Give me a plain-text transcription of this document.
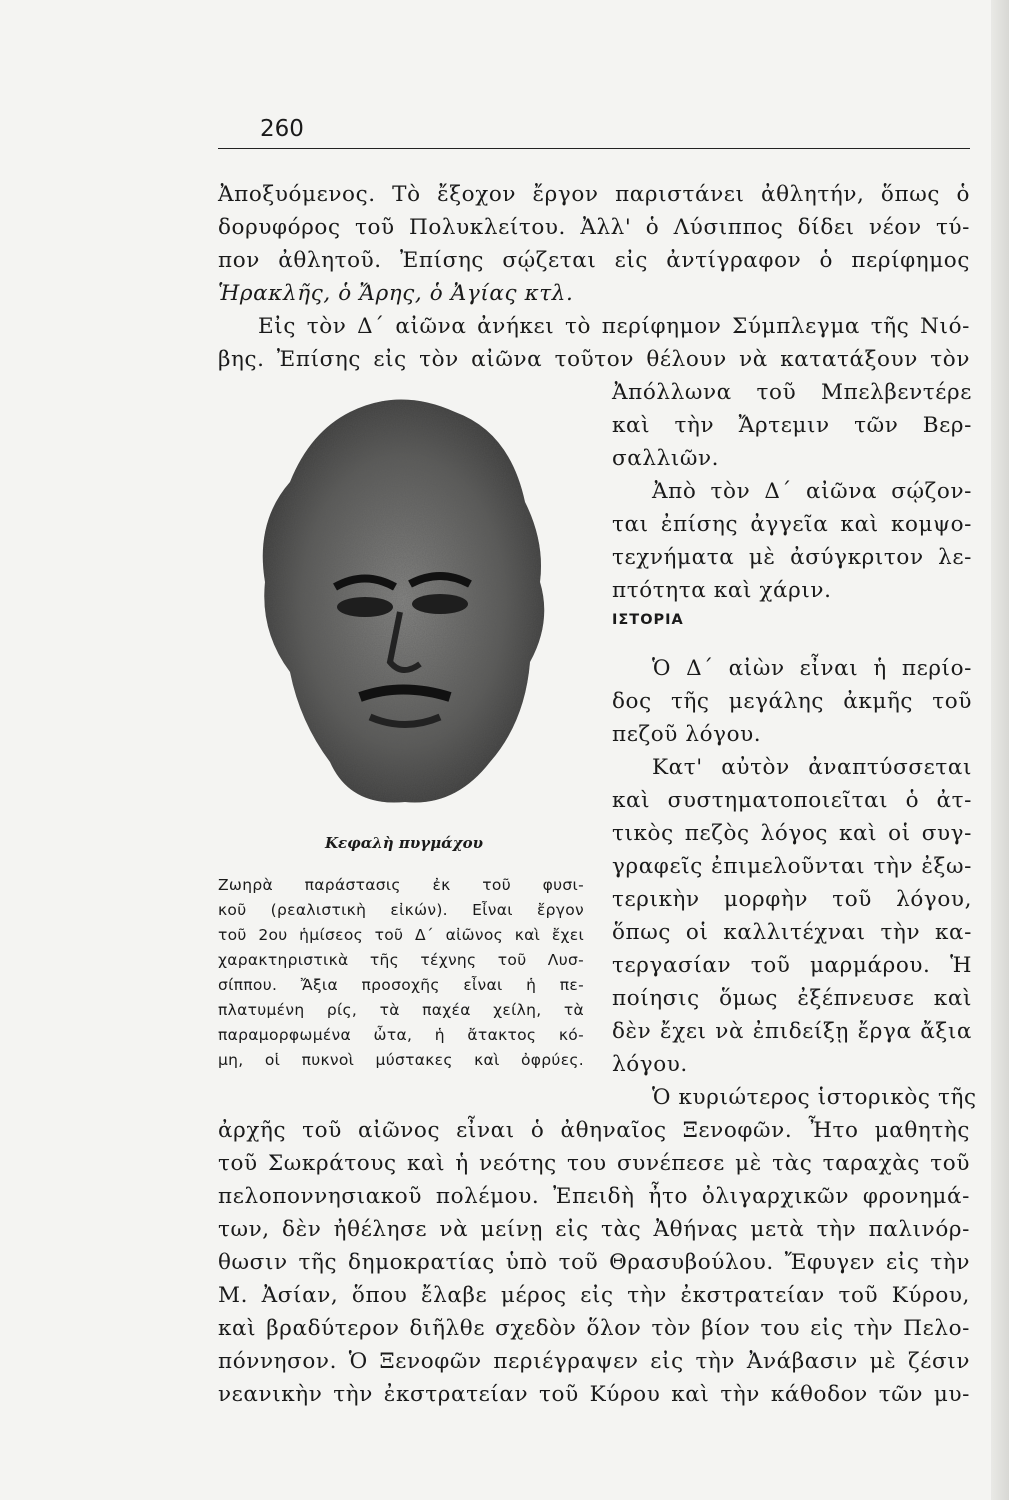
260
Ἀποξυόμενος. Τὸ ἔξοχον ἔργον παριστάνει ἀθλητήν, ὅπως ὁ
δορυφόρος τοῦ Πολυκλείτου. Ἀλλ' ὁ Λύσιππος δίδει νέον τύ-
πον ἀθλητοῦ. Ἐπίσης σῴζεται εἰς ἀντίγραφον ὁ περίφημος
Ἡρακλῆς, ὁ Ἄρης, ὁ Ἀγίας κτλ.
Εἰς τὸν Δ΄ αἰῶνα ἀνήκει τὸ περίφημον Σύμπλεγμα τῆς Νιό-
βης. Ἐπίσης εἰς τὸν αἰῶνα τοῦτον θέλουν νὰ κατατάξουν τὸν
Ἀπόλλωνα τοῦ Μπελβεντέρε
καὶ τὴν Ἄρτεμιν τῶν Βερ-
σαλλιῶν.
Ἀπὸ τὸν Δ΄ αἰῶνα σῴζον-
ται ἐπίσης ἀγγεῖα καὶ κομψο-
τεχνήματα μὲ ἀσύγκριτον λε-
πτότητα καὶ χάριν.
ΙΣΤΟΡΙΑ
Ὁ Δ΄ αἰὼν εἶναι ἡ περίο-
δος τῆς μεγάλης ἀκμῆς τοῦ
πεζοῦ λόγου.
Κατ' αὐτὸν ἀναπτύσσεται
καὶ συστηματοποιεῖται ὁ ἀτ-
τικὸς πεζὸς λόγος καὶ οἱ συγ-
γραφεῖς ἐπιμελοῦνται τὴν ἐξω-
τερικὴν μορφὴν τοῦ λόγου,
ὅπως οἱ καλλιτέχναι τὴν κα-
τεργασίαν τοῦ μαρμάρου. Ἡ
ποίησις ὅμως ἐξέπνευσε καὶ
δὲν ἔχει νὰ ἐπιδείξῃ ἔργα ἄξια
λόγου.
Ὁ κυριώτερος ἱστορικὸς τῆς
Κεφαλὴ πυγμάχου
Ζωηρὰ παράστασις ἐκ τοῦ φυσι-
κοῦ (ρεαλιστικὴ εἰκών). Εἶναι ἔργον
τοῦ 2ου ἡμίσεος τοῦ Δ΄ αἰῶνος καὶ ἔχει
χαρακτηριστικὰ τῆς τέχνης τοῦ Λυσ-
σίππου. Ἄξια προσοχῆς εἶναι ἡ πε-
πλατυμένη ρίς, τὰ παχέα χείλη, τὰ
παραμορφωμένα ὦτα, ἡ ἄτακτος κό-
μη, οἱ πυκνοὶ μύστακες καὶ ὀφρύες.
ἀρχῆς τοῦ αἰῶνος εἶναι ὁ ἀθηναῖος Ξενοφῶν. Ἦτο μαθητὴς
τοῦ Σωκράτους καὶ ἡ νεότης του συνέπεσε μὲ τὰς ταραχὰς τοῦ
πελοποννησιακοῦ πολέμου. Ἐπειδὴ ἦτο ὀλιγαρχικῶν φρονημά-
των, δὲν ἠθέλησε νὰ μείνῃ εἰς τὰς Ἀθήνας μετὰ τὴν παλινόρ-
θωσιν τῆς δημοκρατίας ὑπὸ τοῦ Θρασυβούλου. Ἔφυγεν εἰς τὴν
Μ. Ἀσίαν, ὅπου ἔλαβε μέρος εἰς τὴν ἐκστρατείαν τοῦ Κύρου,
καὶ βραδύτερον διῆλθε σχεδὸν ὅλον τὸν βίον του εἰς τὴν Πελο-
πόννησον. Ὁ Ξενοφῶν περιέγραψεν εἰς τὴν Ἀνάβασιν μὲ ζέσιν
νεανικὴν τὴν ἐκστρατείαν τοῦ Κύρου καὶ τὴν κάθοδον τῶν μυ-
